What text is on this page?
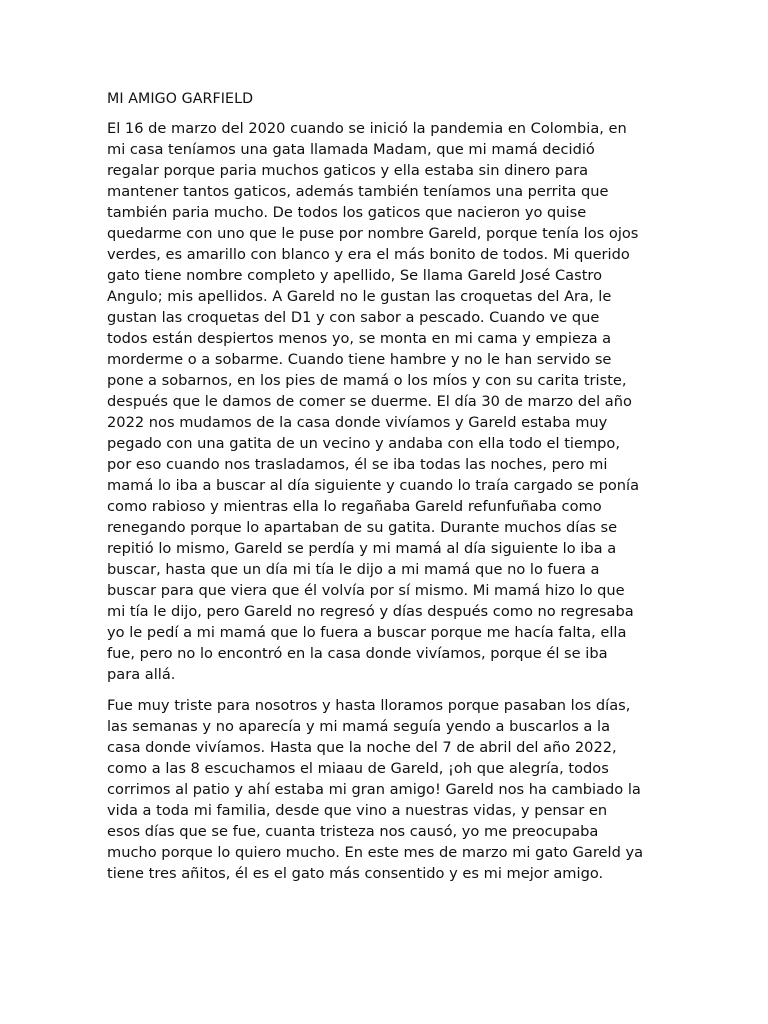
MI AMIGO GARFIELD

El 16 de marzo del 2020 cuando se inició la pandemia en Colombia, en
mi casa teníamos una gata llamada Madam, que mi mamá decidió
regalar porque paria muchos gaticos y ella estaba sin dinero para
mantener tantos gaticos, además también teníamos una perrita que
también paria mucho. De todos los gaticos que nacieron yo quise
quedarme con uno que le puse por nombre Gareld, porque tenía los ojos
verdes, es amarillo con blanco y era el más bonito de todos. Mi querido
gato tiene nombre completo y apellido, Se llama Gareld José Castro
Angulo; mis apellidos. A Gareld no le gustan las croquetas del Ara, le
gustan las croquetas del D1 y con sabor a pescado. Cuando ve que
todos están despiertos menos yo, se monta en mi cama y empieza a
morderme o a sobarme. Cuando tiene hambre y no le han servido se
pone a sobarnos, en los pies de mamá o los míos y con su carita triste,
después que le damos de comer se duerme. El día 30 de marzo del año
2022 nos mudamos de la casa donde vivíamos y Gareld estaba muy
pegado con una gatita de un vecino y andaba con ella todo el tiempo,
por eso cuando nos trasladamos, él se iba todas las noches, pero mi
mamá lo iba a buscar al día siguiente y cuando lo traía cargado se ponía
como rabioso y mientras ella lo regañaba Gareld refunfuñaba como
renegando porque lo apartaban de su gatita. Durante muchos días se
repitió lo mismo, Gareld se perdía y mi mamá al día siguiente lo iba a
buscar, hasta que un día mi tía le dijo a mi mamá que no lo fuera a
buscar para que viera que él volvía por sí mismo. Mi mamá hizo lo que
mi tía le dijo, pero Gareld no regresó y días después como no regresaba
yo le pedí a mi mamá que lo fuera a buscar porque me hacía falta, ella
fue, pero no lo encontró en la casa donde vivíamos, porque él se iba
para allá.

Fue muy triste para nosotros y hasta lloramos porque pasaban los días,
las semanas y no aparecía y mi mamá seguía yendo a buscarlos a la
casa donde vivíamos. Hasta que la noche del 7 de abril del año 2022,
como a las 8 escuchamos el miaau de Gareld, ¡oh que alegría, todos
corrimos al patio y ahí estaba mi gran amigo! Gareld nos ha cambiado la
vida a toda mi familia, desde que vino a nuestras vidas, y pensar en
esos días que se fue, cuanta tristeza nos causó, yo me preocupaba
mucho porque lo quiero mucho. En este mes de marzo mi gato Gareld ya
tiene tres añitos, él es el gato más consentido y es mi mejor amigo.
